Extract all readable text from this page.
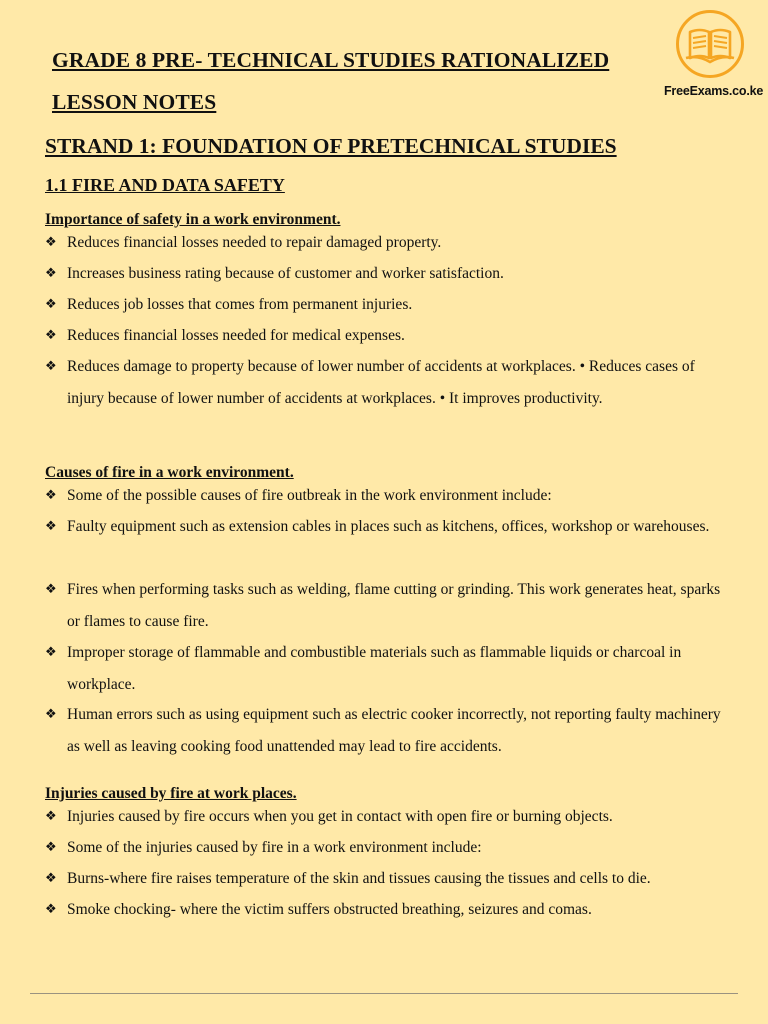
GRADE 8 PRE- TECHNICAL STUDIES RATIONALIZED
LESSON NOTES	FreeExams.co.ke
STRAND 1: FOUNDATION OF PRETECHNICAL STUDIES
1.1 FIRE AND DATA SAFETY
Importance of safety in a work environment.
❖ Reduces financial losses needed to repair damaged property.
❖ Increases business rating because of customer and worker satisfaction.
❖ Reduces job losses that comes from permanent injuries.
❖ Reduces financial losses needed for medical expenses.
❖ Reduces damage to property because of lower number of accidents at workplaces. • Reduces cases of injury because of lower number of accidents at workplaces. • It improves productivity.
Causes of fire in a work environment.
❖ Some of the possible causes of fire outbreak in the work environment include:
❖ Faulty equipment such as extension cables in places such as kitchens, offices, workshop or warehouses.
❖ Fires when performing tasks such as welding, flame cutting or grinding. This work generates heat, sparks or flames to cause fire.
❖ Improper storage of flammable and combustible materials such as flammable liquids or charcoal in workplace.
❖ Human errors such as using equipment such as electric cooker incorrectly, not reporting faulty machinery as well as leaving cooking food unattended may lead to fire accidents.
Injuries caused by fire at work places.
❖ Injuries caused by fire occurs when you get in contact with open fire or burning objects.
❖ Some of the injuries caused by fire in a work environment include:
❖ Burns-where fire raises temperature of the skin and tissues causing the tissues and cells to die.
❖ Smoke chocking- where the victim suffers obstructed breathing, seizures and comas.
